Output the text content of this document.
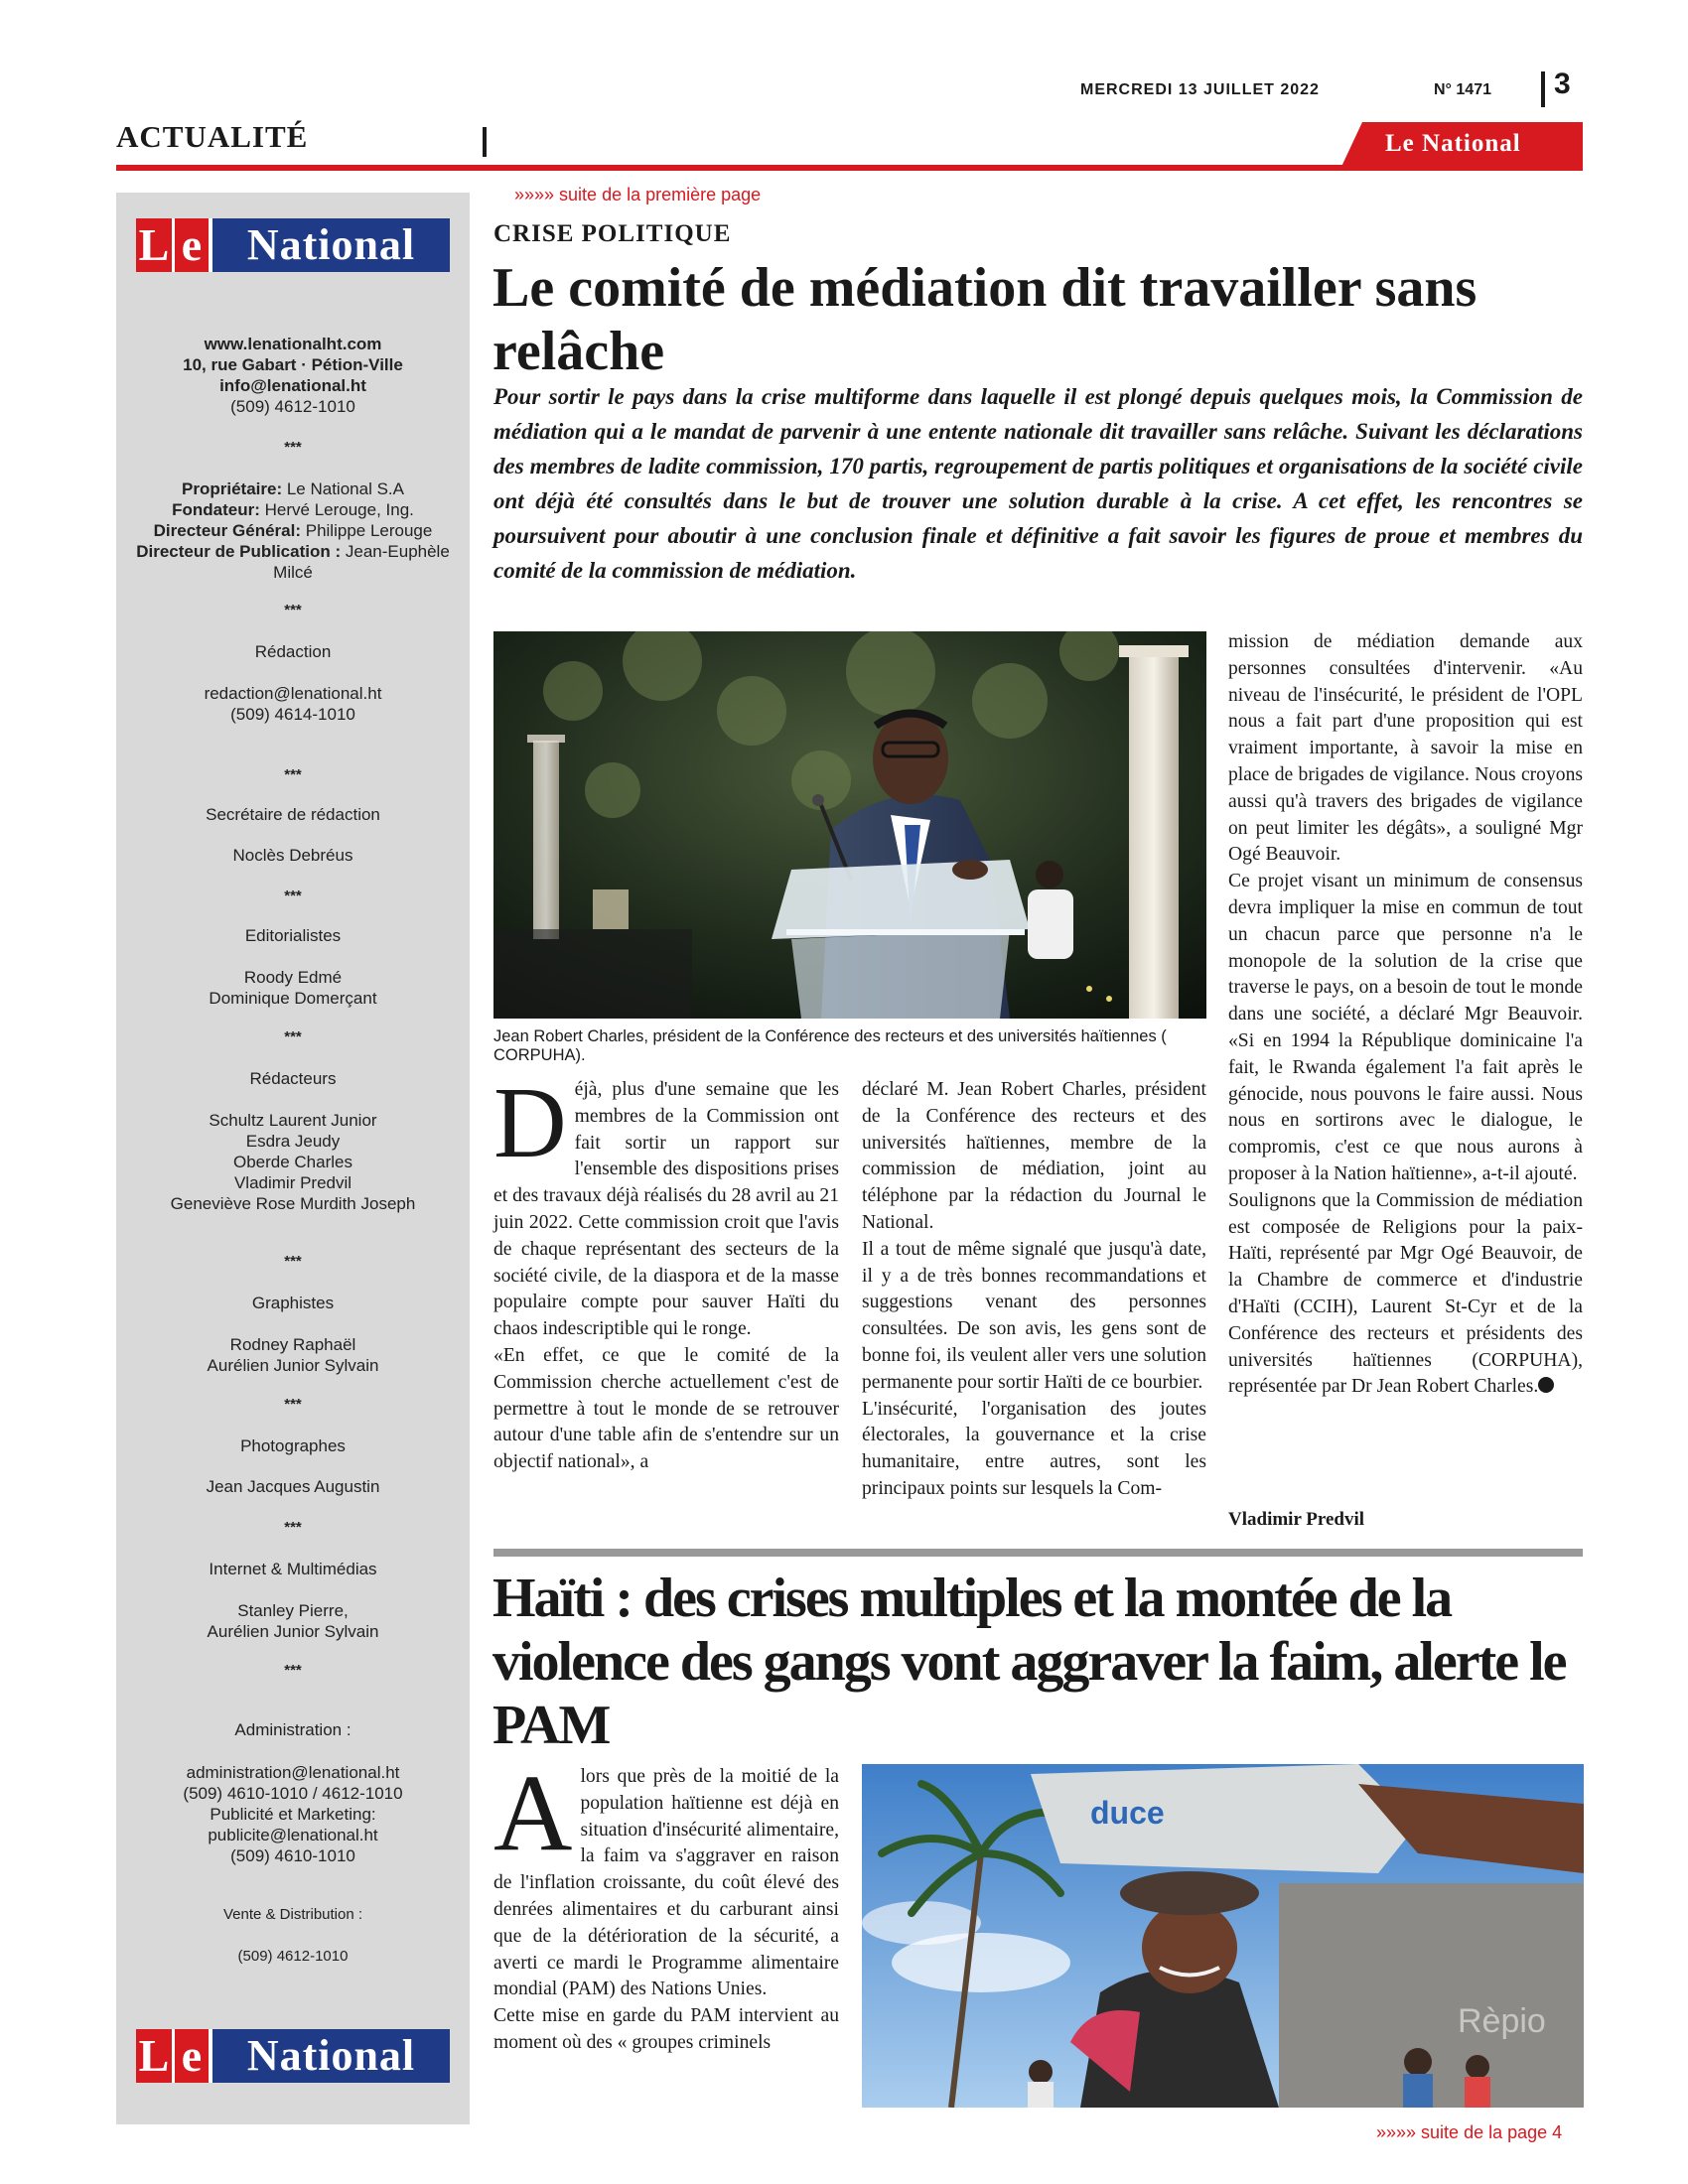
MERCREDI 13 JUILLET 2022	N° 1471 3
ACTUALITÉ	Le National
L e	National
www.lenationalht.com
10, rue Gabart · Pétion-Ville
info@lenational.ht
(509) 4612-1010
***
Propriétaire: Le National S.A
Fondateur: Hervé Lerouge, Ing.
Directeur Général: Philippe Lerouge
Directeur de Publication : Jean-Euphèle Milcé
***
Rédaction
redaction@lenational.ht
(509) 4614-1010
***
Secrétaire de rédaction
Noclès Debréus
***
Editorialistes
Roody Edmé
Dominique Domerçant
***
Rédacteurs
Schultz Laurent Junior
Esdra Jeudy
Oberde Charles
Vladimir Predvil
Geneviève Rose Murdith Joseph
***
Graphistes
Rodney Raphaël
Aurélien Junior Sylvain
***
Photographes
Jean Jacques Augustin
***
Internet & Multimédias
Stanley Pierre,
Aurélien Junior Sylvain
***
Administration :
administration@lenational.ht
(509) 4610-1010 / 4612-1010
Publicité et Marketing:
publicite@lenational.ht
(509) 4610-1010
Vente & Distribution :
(509) 4612-1010
L e	National
»»»» suite de la première page
CRISE POLITIQUE
Le comité de médiation dit travailler sans relâche
Pour sortir le pays dans la crise multiforme dans laquelle il est plongé depuis quelques mois, la Commission de médiation qui a le mandat de parvenir à une entente nationale dit travailler sans relâche. Suivant les déclarations des membres de ladite commission, 170 partis, regroupement de partis politiques et organisations de la société civile ont déjà été consultés dans le but de trouver une solution durable à la crise. A cet effet, les rencontres se poursuivent pour aboutir à une conclusion finale et définitive a fait savoir les figures de proue et membres du comité de la commission de médiation.
Jean Robert Charles, président de la Conférence des recteurs et des universités haïtiennes ( CORPUHA).

Déjà, plus d'une semaine que les membres de la Commission ont fait sortir un rapport sur l'ensemble des dispositions prises et des travaux déjà réalisés du 28 avril au 21 juin 2022. Cette commission croit que l'avis de chaque représentant des secteurs de la société civile, de la diaspora et de la masse populaire compte pour sauver Haïti du chaos indescriptible qui le ronge.

«En effet, ce que le comité de la Commission cherche actuellement c'est de permettre à tout le monde de se retrouver autour d'une table afin de s'entendre sur un objectif national», a

déclaré M. Jean Robert Charles, président de la Conférence des recteurs et des universités haïtiennes, membre de la commission de médiation, joint au téléphone par la rédaction du Journal le National.

Il a tout de même signalé que jusqu'à date, il y a de très bonnes recommandations et suggestions venant des personnes consultées. De son avis, les gens sont de bonne foi, ils veulent aller vers une solution permanente pour sortir Haïti de ce bourbier.

L'insécurité, l'organisation des joutes électorales, la gouvernance et la crise humanitaire, entre autres, sont les principaux points sur lesquels la Com-

mission de médiation demande aux personnes consultées d'intervenir. «Au niveau de l'insécurité, le président de l'OPL nous a fait part d'une proposition qui est vraiment importante, à savoir la mise en place de brigades de vigilance. Nous croyons aussi qu'à travers des brigades de vigilance on peut limiter les dégâts», a souligné Mgr Ogé Beauvoir.

Ce projet visant un minimum de consensus devra impliquer la mise en commun de tout un chacun parce que personne n'a le monopole de la solution de la crise que traverse le pays, on a besoin de tout le monde dans une société, a déclaré Mgr Beauvoir. «Si en 1994 la République dominicaine l'a fait, le Rwanda également l'a fait après le génocide, nous pouvons le faire aussi. Nous nous en sortirons avec le dialogue, le compromis, c'est ce que nous aurons à proposer à la Nation haïtienne», a-t-il ajouté.

Soulignons que la Commission de médiation est composée de Religions pour la paix-Haïti, représenté par Mgr Ogé Beauvoir, de la Chambre de commerce et d'industrie d'Haïti (CCIH), Laurent St-Cyr et de la Conférence des recteurs et présidents des universités haïtiennes (CORPUHA), représentée par Dr Jean Robert Charles.

Vladimir Predvil
Haïti : des crises multiples et la montée de la violence des gangs vont aggraver la faim, alerte le PAM

Alors que près de la moitié de la population haïtienne est déjà en situation d'insécurité alimentaire, la faim va s'aggraver en raison de l'inflation croissante, du coût élevé des denrées alimentaires et du carburant ainsi que de la détérioration de la sécurité, a averti ce mardi le Programme alimentaire mondial (PAM) des Nations Unies.

Cette mise en garde du PAM intervient au moment où des « groupes criminels

Rèpio
duce
»»»» suite de la page 4
